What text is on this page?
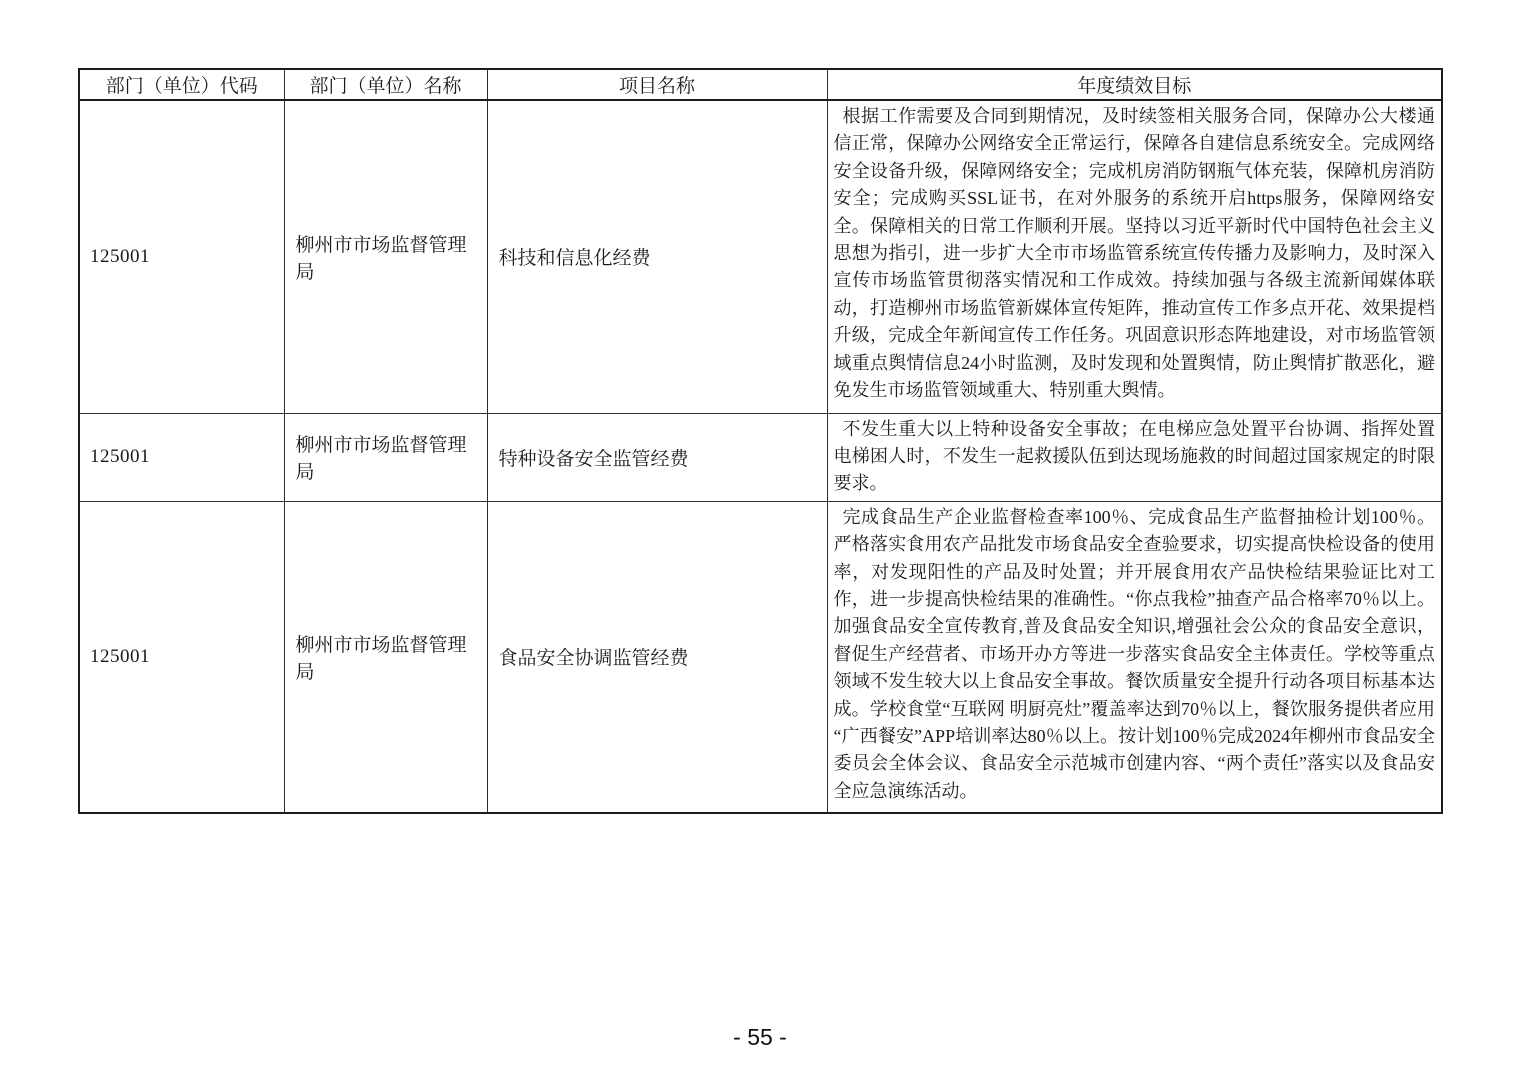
部门（单位）代码	部门（单位）名称	项目名称	年度绩效目标
125001	柳州市市场监督管理局	科技和信息化经费	根据工作需要及合同到期情况，及时续签相关服务合同，保障办公大楼通信正常，保障办公网络安全正常运行，保障各自建信息系统安全。完成网络安全设备升级，保障网络安全；完成机房消防钢瓶气体充装，保障机房消防安全；完成购买SSL证书，在对外服务的系统开启https服务，保障网络安全。保障相关的日常工作顺利开展。坚持以习近平新时代中国特色社会主义思想为指引，进一步扩大全市市场监管系统宣传传播力及影响力，及时深入宣传市场监管贯彻落实情况和工作成效。持续加强与各级主流新闻媒体联动，打造柳州市场监管新媒体宣传矩阵，推动宣传工作多点开花、效果提档升级，完成全年新闻宣传工作任务。巩固意识形态阵地建设，对市场监管领域重点舆情信息24小时监测，及时发现和处置舆情，防止舆情扩散恶化，避免发生市场监管领域重大、特别重大舆情。
125001	柳州市市场监督管理局	特种设备安全监管经费	不发生重大以上特种设备安全事故；在电梯应急处置平台协调、指挥处置电梯困人时，不发生一起救援队伍到达现场施救的时间超过国家规定的时限要求。
125001	柳州市市场监督管理局	食品安全协调监管经费	完成食品生产企业监督检查率100％、完成食品生产监督抽检计划100％。严格落实食用农产品批发市场食品安全查验要求，切实提高快检设备的使用率，对发现阳性的产品及时处置；并开展食用农产品快检结果验证比对工作，进一步提高快检结果的准确性。“你点我检”抽查产品合格率70％以上。加强食品安全宣传教育,普及食品安全知识,增强社会公众的食品安全意识，督促生产经营者、市场开办方等进一步落实食品安全主体责任。学校等重点领域不发生较大以上食品安全事故。餐饮质量安全提升行动各项目标基本达成。学校食堂“互联网 明厨亮灶”覆盖率达到70％以上，餐饮服务提供者应用“广西餐安”APP培训率达80％以上。按计划100％完成2024年柳州市食品安全委员会全体会议、食品安全示范城市创建内容、“两个责任”落实以及食品安全应急演练活动。
- 55 -
